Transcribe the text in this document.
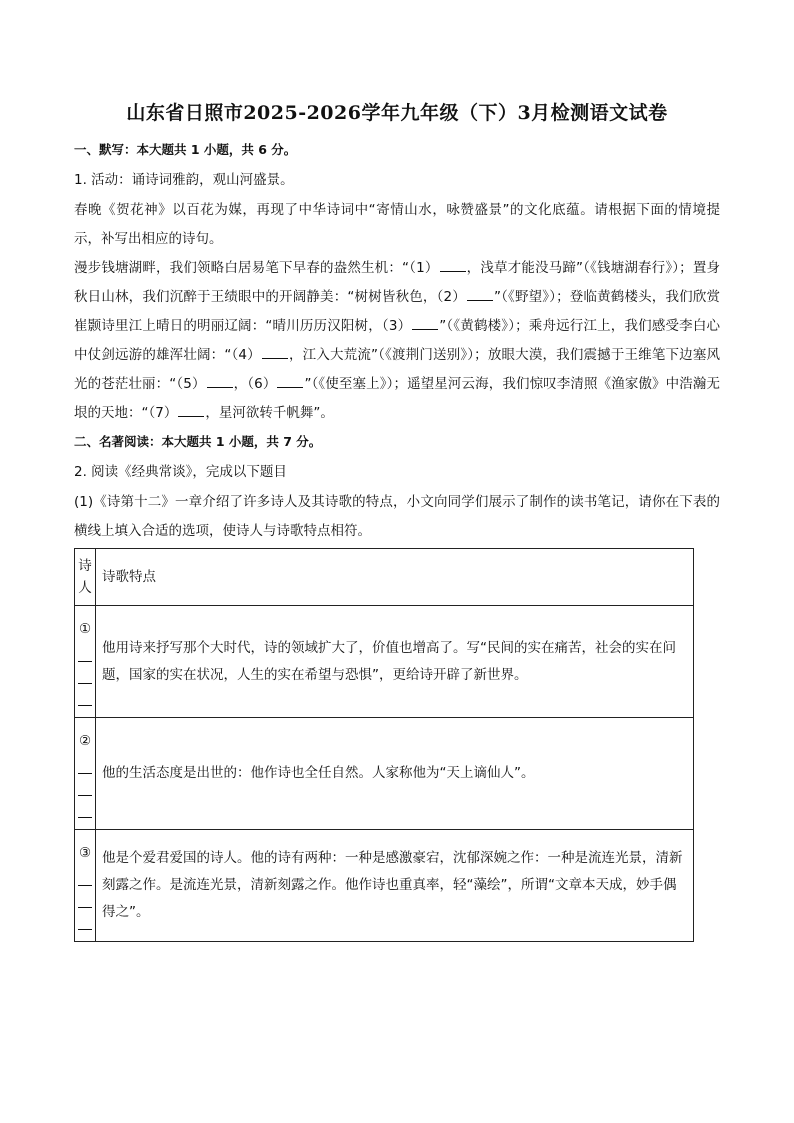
山东省日照市2025-2026学年九年级（下）3月检测语文试卷
一、默写：本大题共 1 小题，共 6 分。
1. 活动：诵诗词雅韵，观山河盛景。

春晚《贺花神》以百花为媒，再现了中华诗词中“寄情山水，咏赞盛景”的文化底蕴。请根据下面的情境提示，补写出相应的诗句。

漫步钱塘湖畔，我们领略白居易笔下早春的盎然生机：“（1） ，浅草才能没马蹄”（《钱塘湖春行》）；置身秋日山林，我们沉醉于王绩眼中的开阔静美：“树树皆秋色，（2） ”（《野望》）；登临黄鹤楼头，我们欣赏崔颢诗里江上晴日的明丽辽阔：“晴川历历汉阳树，（3） ”（《黄鹤楼》）；乘舟远行江上，我们感受李白心中仗剑远游的雄浑壮阔：“（4） ，江入大荒流”（《渡荆门送别》）；放眼大漠，我们震撼于王维笔下边塞风光的苍茫壮丽：“（5） ，（6） ”（《使至塞上》）；遥望星河云海，我们惊叹李清照《渔家傲》中浩瀚无垠的天地：“（7） ，星河欲转千帆舞”。

二、名著阅读：本大题共 1 小题，共 7 分。
2. 阅读《经典常谈》，完成以下题目

(1)《诗第十二》一章介绍了许多诗人及其诗歌的特点，小文向同学们展示了制作的读书笔记，请你在下表的横线上填入合适的选项，使诗人与诗歌特点相符。

诗
人	诗歌特点

①	他用诗来抒写那个大时代，诗的领域扩大了，价值也增高了。写“民间的实在痛苦，社会的实在问题，国家的实在状况，人生的实在希望与恐惧”，更给诗开辟了新世界。

②	他的生活态度是出世的：他作诗也全任自然。人家称他为“天上谪仙人”。

③	他是个爱君爱国的诗人。他的诗有两种：一种是感激豪宕，沈郁深婉之作：一种是流连光景，清新刻露之作。是流连光景，清新刻露之作。他作诗也重真率，轻“藻绘”，所谓“文章本天成，妙手偶得之”。
